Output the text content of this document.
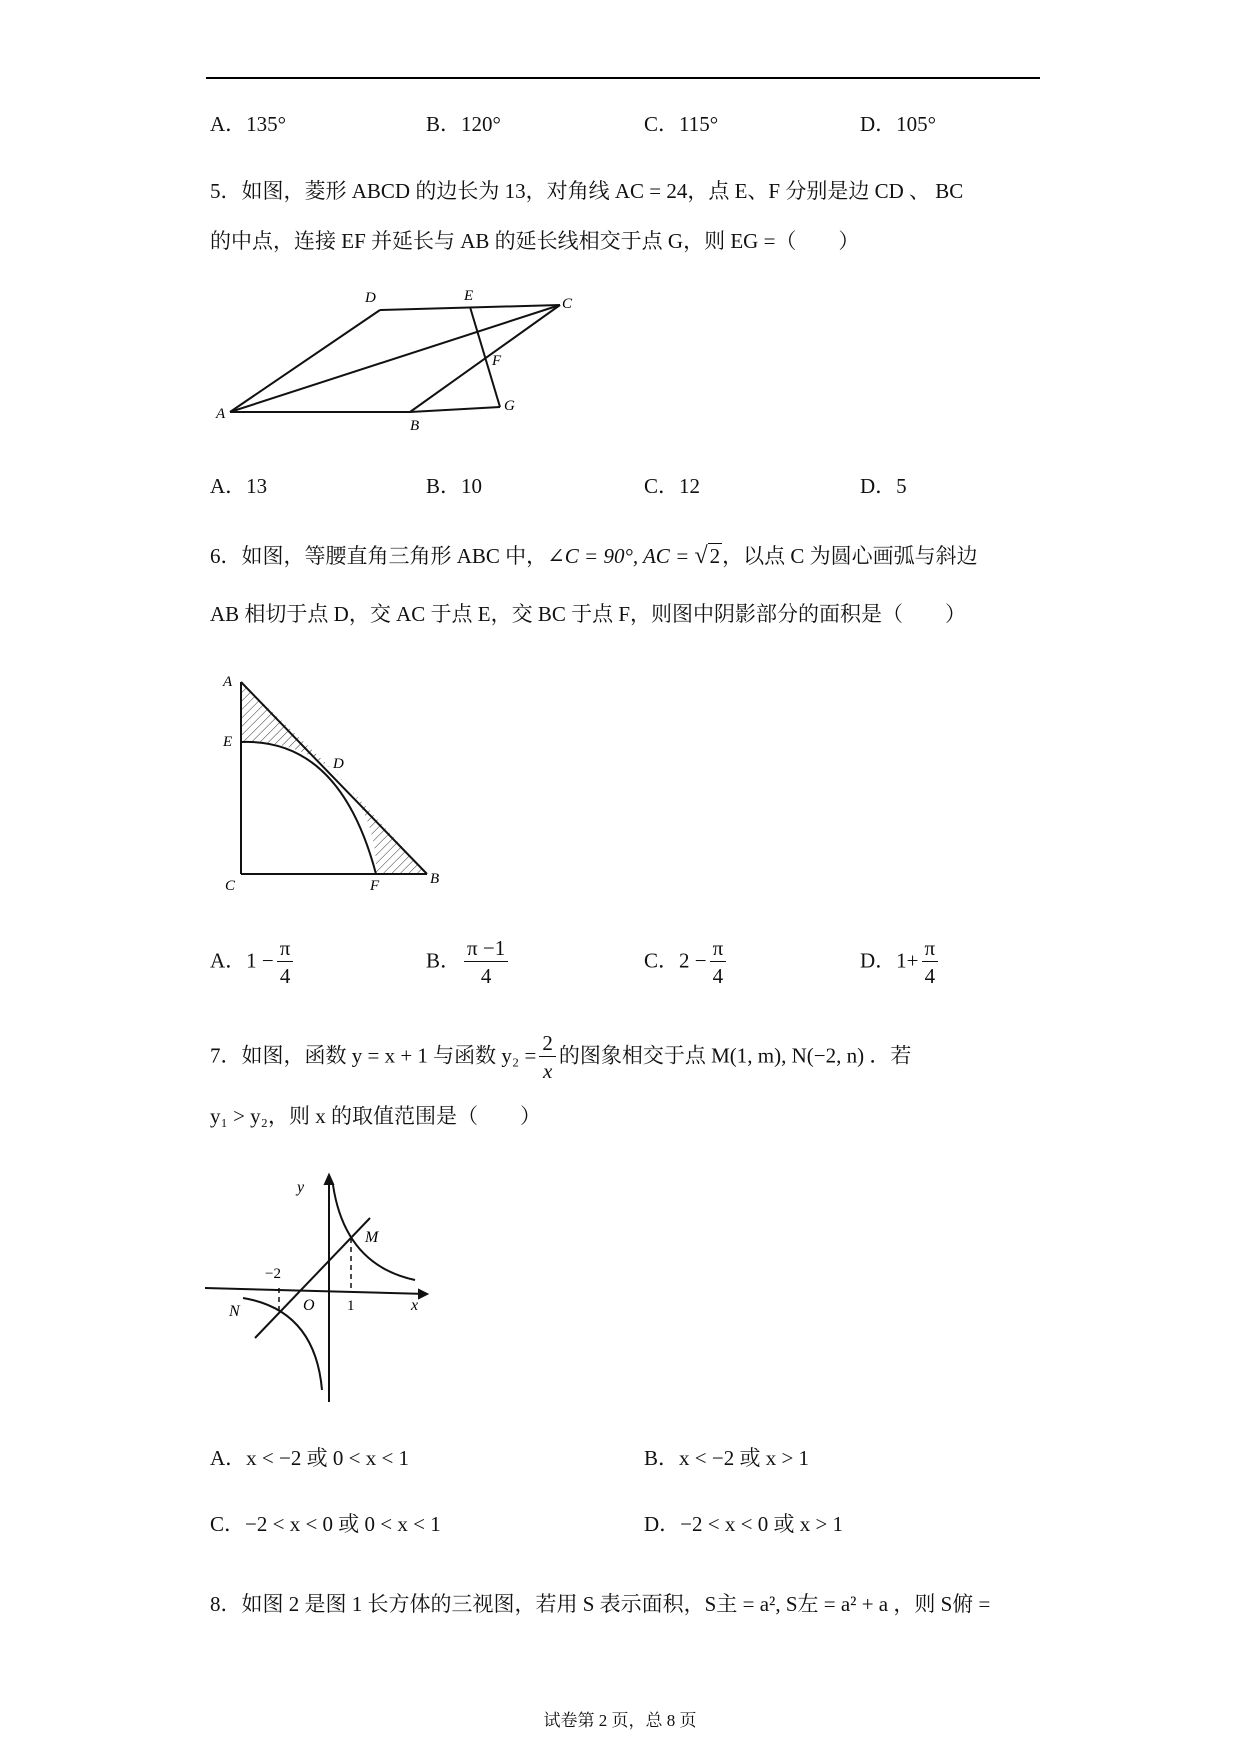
A．135°	B．120°	C．115°	D．105°
5．如图，菱形 ABCD 的边长为 13，对角线 AC = 24，点 E、F 分别是边 CD 、 BC
的中点，连接 EF 并延长与 AB 的延长线相交于点 G，则 EG =（　　）
D	E	C
F
A
B
G
A．13	B．10	C．12	D．5
6．如图，等腰直角三角形 ABC 中，∠C = 90°, AC = √2，以点 C 为圆心画弧与斜边
AB 相切于点 D，交 AC 于点 E，交 BC 于点 F，则图中阴影部分的面积是（　　）
A
E
D
C	F	B
A．$1 - \frac{\pi}{4}$	B． $\frac{\pi -1}{4}$	C．$2 - \frac{\pi}{4}$	D．$1+ \frac{\pi}{4}$
7．如图，函数 y = x + 1 与函数 $y_2 = \frac{2}{x}$ 的图象相交于点 M(1, m), N(−2, n) ．若
y₁ > y₂，则 x 的取值范围是（　　）
y
M
−2
O 1	x
N
A．x < −2 或 0 < x < 1	B．x < −2 或 x > 1
C．−2 < x < 0 或 0 < x < 1	D．−2 < x < 0 或 x > 1
8．如图 2 是图 1 长方体的三视图，若用 S 表示面积，S主 = a², S左 = a² + a ，则 S俯 =
试卷第 2 页，总 8 页
